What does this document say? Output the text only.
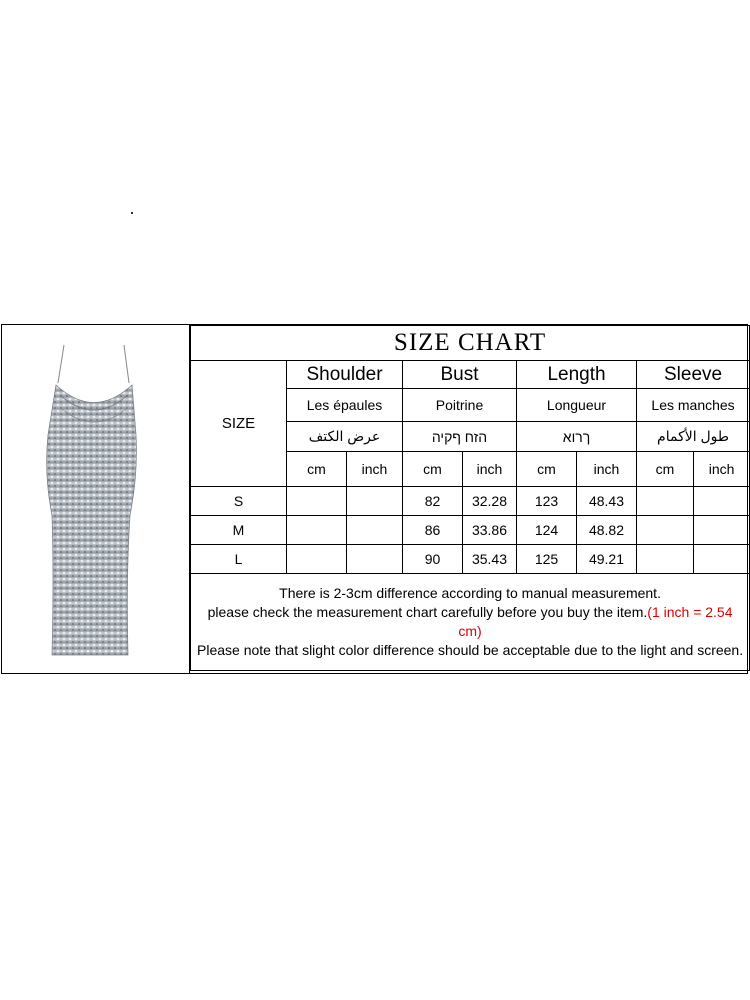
SIZE CHART								
SIZE	Shoulder		Bust		Length		Sleeve	
	Les épaules		Poitrine		Longueur		Les manches	
	عرض الكتف		הזח ףקיה		ךרוא		طول الأكمام	
	cm	inch	cm	inch	cm	inch	cm	inch
S			82	32.28	123	48.43		
M			86	33.86	124	48.82		
L			90	35.43	125	49.21		
There is 2-3cm difference according to manual measurement.
please check the measurement chart carefully before you buy the item.(1 inch = 2.54 cm)
Please note that slight color difference should be acceptable due to the light and screen.								
